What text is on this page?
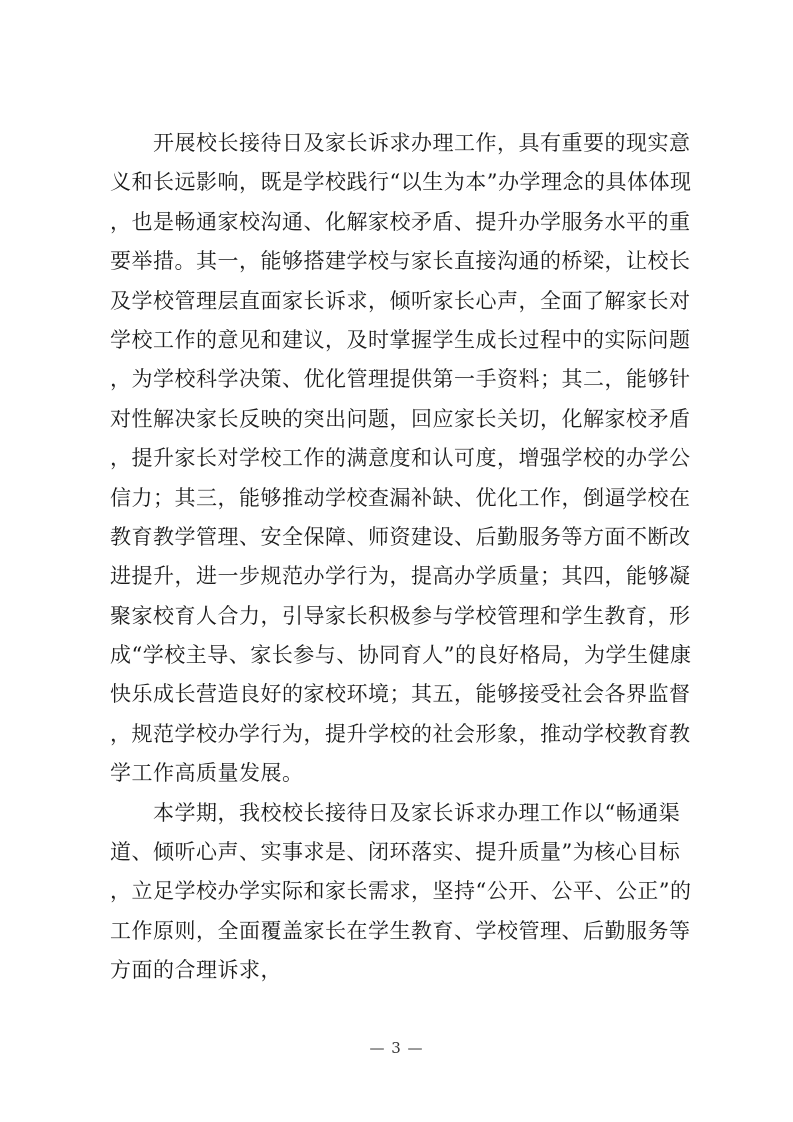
　　开展校长接待日及家长诉求办理工作，具有重要的现实意
义和长远影响，既是学校践行“以生为本”办学理念的具体体现
，也是畅通家校沟通、化解家校矛盾、提升办学服务水平的重
要举措。其一，能够搭建学校与家长直接沟通的桥梁，让校长
及学校管理层直面家长诉求，倾听家长心声，全面了解家长对
学校工作的意见和建议，及时掌握学生成长过程中的实际问题
，为学校科学决策、优化管理提供第一手资料；其二，能够针
对性解决家长反映的突出问题，回应家长关切，化解家校矛盾
，提升家长对学校工作的满意度和认可度，增强学校的办学公
信力；其三，能够推动学校查漏补缺、优化工作，倒逼学校在
教育教学管理、安全保障、师资建设、后勤服务等方面不断改
进提升，进一步规范办学行为，提高办学质量；其四，能够凝
聚家校育人合力，引导家长积极参与学校管理和学生教育，形
成“学校主导、家长参与、协同育人”的良好格局，为学生健康
快乐成长营造良好的家校环境；其五，能够接受社会各界监督
，规范学校办学行为，提升学校的社会形象，推动学校教育教
学工作高质量发展。
　　本学期，我校校长接待日及家长诉求办理工作以“畅通渠
道、倾听心声、实事求是、闭环落实、提升质量”为核心目标
，立足学校办学实际和家长需求，坚持“公开、公平、公正”的
工作原则，全面覆盖家长在学生教育、学校管理、后勤服务等
方面的合理诉求，
— 3 —
